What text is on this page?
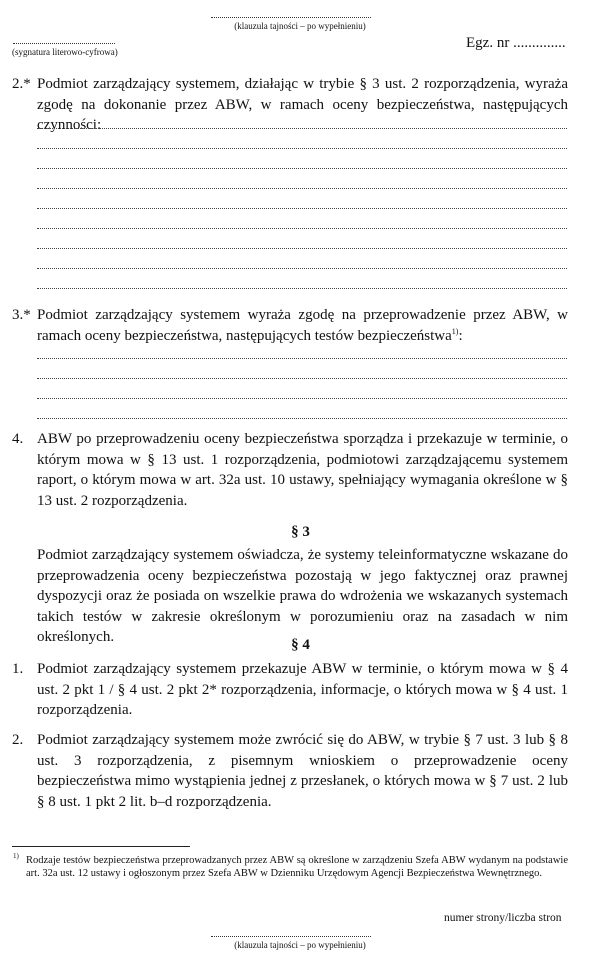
(klauzula tajności – po wypełnieniu)
(sygnatura literowo-cyfrowa)
Egz. nr ..............
2.* Podmiot zarządzający systemem, działając w trybie § 3 ust. 2 rozporządzenia, wyraża zgodę na dokonanie przez ABW, w ramach oceny bezpieczeństwa, następujących czynności:
3.* Podmiot zarządzający systemem wyraża zgodę na przeprowadzenie przez ABW, w ramach oceny bezpieczeństwa, następujących testów bezpieczeństwa$^{1)}$:
4. ABW po przeprowadzeniu oceny bezpieczeństwa sporządza i przekazuje w terminie, o którym mowa w § 13 ust. 1 rozporządzenia, podmiotowi zarządzającemu systemem raport, o którym mowa w art. 32a ust. 10 ustawy, spełniający wymagania określone w § 13 ust. 2 rozporządzenia.
§ 3
Podmiot zarządzający systemem oświadcza, że systemy teleinformatyczne wskazane do przeprowadzenia oceny bezpieczeństwa pozostają w jego faktycznej oraz prawnej dyspozycji oraz że posiada on wszelkie prawa do wdrożenia we wskazanych systemach takich testów w zakresie określonym w porozumieniu oraz na zasadach w nim określonych.	§ 4
1. Podmiot zarządzający systemem przekazuje ABW w terminie, o którym mowa w § 4 ust. 2 pkt 1 / § 4 ust. 2 pkt 2* rozporządzenia, informacje, o których mowa w § 4 ust. 1 rozporządzenia.
2. Podmiot zarządzający systemem może zwrócić się do ABW, w trybie § 7 ust. 3 lub § 8 ust. 3 rozporządzenia, z pisemnym wnioskiem o przeprowadzenie oceny bezpieczeństwa mimo wystąpienia jednej z przesłanek, o których mowa w § 7 ust. 2 lub § 8 ust. 1 pkt 2 lit. b–d rozporządzenia.
1) Rodzaje testów bezpieczeństwa przeprowadzanych przez ABW są określone w zarządzeniu Szefa ABW wydanym na podstawie art. 32a ust. 12 ustawy i ogłoszonym przez Szefa ABW w Dzienniku Urzędowym Agencji Bezpieczeństwa Wewnętrznego.
numer strony/liczba stron
(klauzula tajności – po wypełnieniu)
